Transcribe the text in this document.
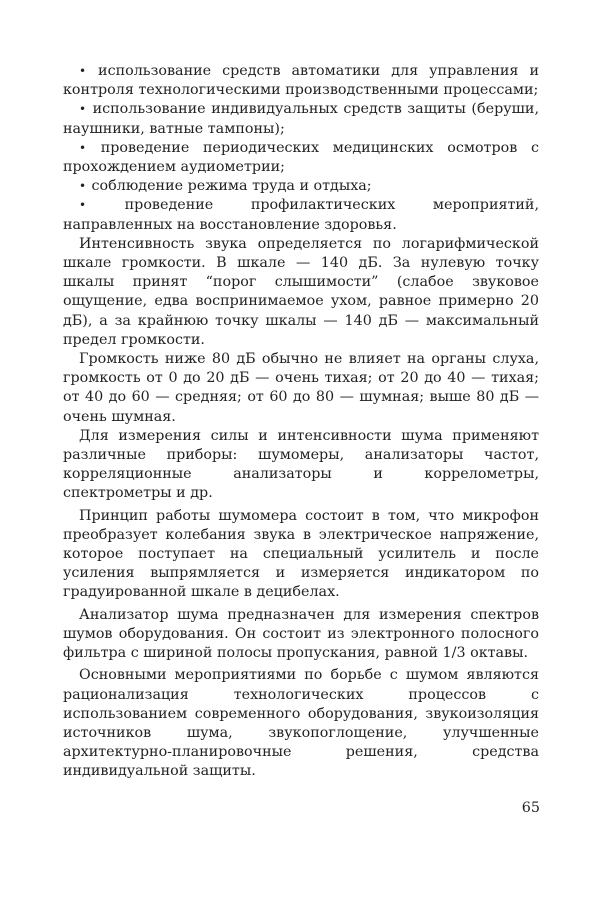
• использование средств автоматики для управления и контроля технологическими производственными процессами;

• использование индивидуальных средств защиты (беруши, наушники, ватные тампоны);

• проведение периодических медицинских осмотров с прохождением аудиометрии;

• соблюдение режима труда и отдыха;

•	проведение профилактических мероприятий, направленных на восстановление здоровья.

Интенсивность звука определяется по логарифмической шкале громкости. В шкале — 140 дБ. За нулевую точку шкалы принят “порог слышимости” (слабое звуковое ощущение, едва воспринимаемое ухом, равное примерно 20 дБ), а за крайнюю точку шкалы — 140 дБ — максимальный предел громкости.

Громкость ниже 80 дБ обычно не влияет на органы слуха, громкость от 0 до 20 дБ — очень тихая; от 20 до 40 — тихая; от 40 до 60 — средняя; от 60 до 80 — шумная; выше 80 дБ — очень шумная.

Для измерения силы и интенсивности шума применяют различные приборы: шумомеры, анализаторы частот, корреляционные анализаторы и коррелометры, спектрометры и др.

Принцип работы шумомера состоит в том, что микрофон преобразует колебания звука в электрическое напряжение, которое поступает на специальный усилитель и после усиления выпрямляется и измеряется индикатором по градуированной шкале в децибелах.

Анализатор шума предназначен для измерения спектров шумов оборудования. Он состоит из электронного полосного фильтра с шириной полосы пропускания, равной 1/3 октавы.

Основными мероприятиями по борьбе с шумом являются рационализация технологических процессов с использованием современного оборудования, звукоизоляция источников шума, звукопоглощение, улучшенные архитектурно-планировочные решения, средства индивидуальной защиты.

65
